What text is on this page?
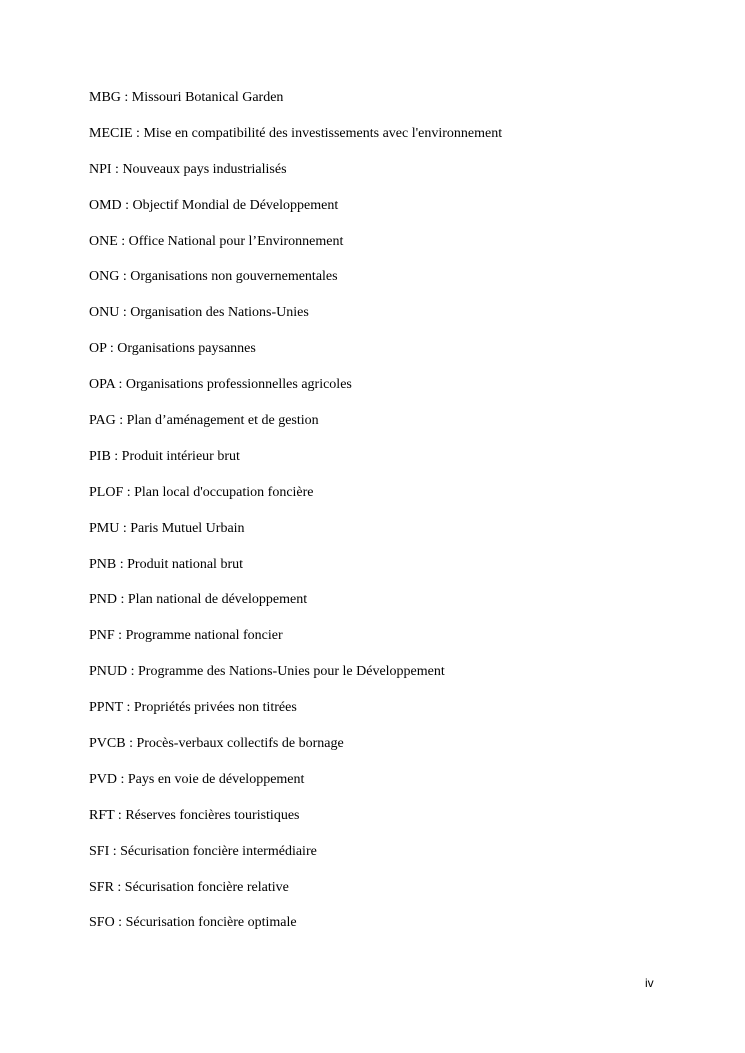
MBG : Missouri Botanical Garden
MECIE : Mise en compatibilité des investissements avec l'environnement
NPI : Nouveaux pays industrialisés
OMD : Objectif Mondial de Développement
ONE : Office National pour l’Environnement
ONG : Organisations non gouvernementales
ONU : Organisation des Nations-Unies
OP : Organisations paysannes
OPA : Organisations professionnelles agricoles
PAG : Plan d’aménagement et de gestion
PIB : Produit intérieur brut
PLOF : Plan local d'occupation foncière
PMU : Paris Mutuel Urbain
PNB : Produit national brut
PND : Plan national de développement
PNF : Programme national foncier
PNUD : Programme des Nations-Unies pour le Développement
PPNT : Propriétés privées non titrées
PVCB : Procès-verbaux collectifs de bornage
PVD : Pays en voie de développement
RFT : Réserves foncières touristiques
SFI : Sécurisation foncière intermédiaire
SFR : Sécurisation foncière relative
SFO : Sécurisation foncière optimale
iv
